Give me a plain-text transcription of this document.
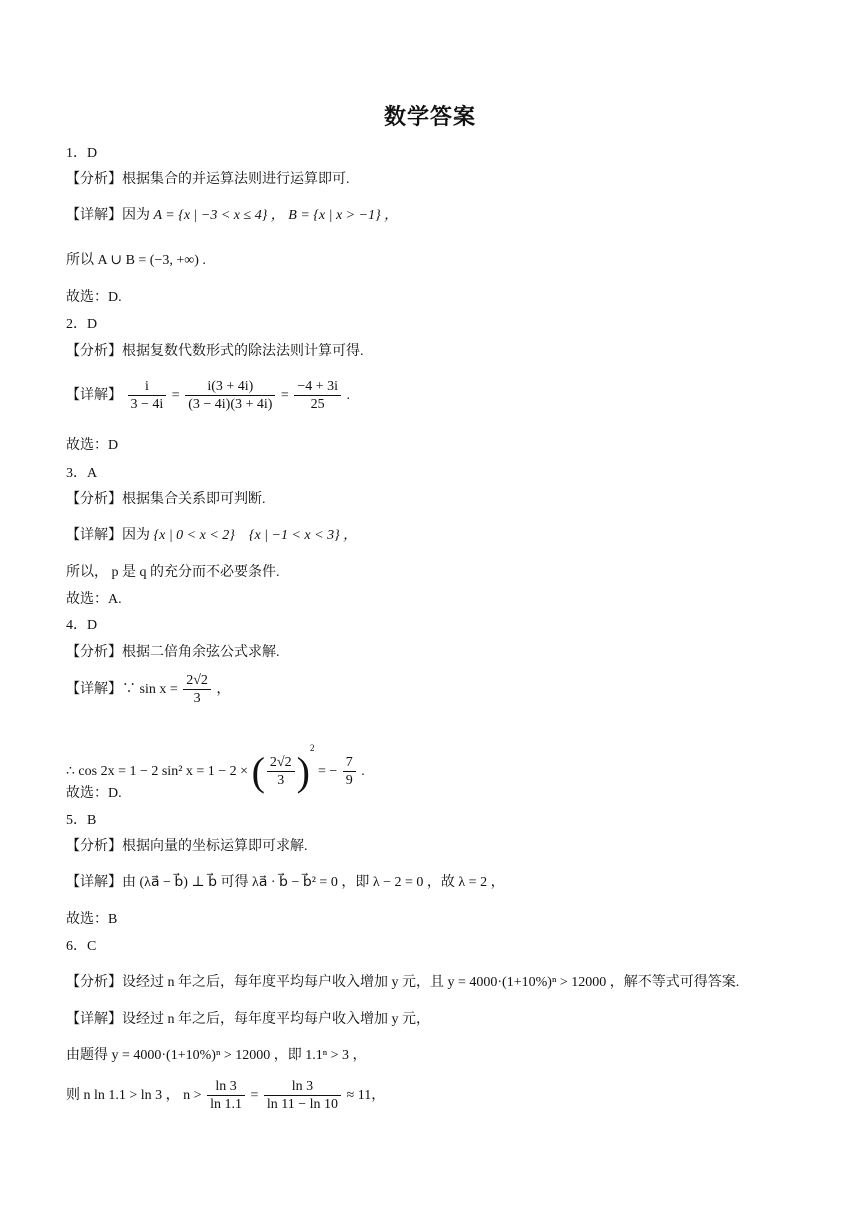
数学答案
1．D
【分析】根据集合的并运算法则进行运算即可.
【详解】因为 A = {x | −3 < x ≤ 4} ， B = {x | x > −1} ，
所以 A ∪ B = (−3, +∞) .
故选：D.
2．D
【分析】根据复数代数形式的除法法则计算可得.
【详解】 $\frac{i}{3 - 4i} = \frac{i(3 + 4i)}{(3 - 4i)(3 + 4i)} = \frac{-4 + 3i}{25}$ .
故选：D
3．A
【分析】根据集合关系即可判断.
【详解】因为 {x | 0 < x < 2}    {x | −1 < x < 3} ，
所以， p 是 q 的充分而不必要条件.
故选：A.
4．D
【分析】根据二倍角余弦公式求解.
【详解】∵ $\sin x = \frac{2√2}{3}$ ，
∴ cos 2x = 1 − 2 sin² x = 1 − 2 × ( $\frac{2√2}{3} )^2$ = − $\frac{7}{9}$ .
故选：D.
5．B
【分析】根据向量的坐标运算即可求解.
【详解】由 (λa⃗ − b⃗) ⊥ b⃗ 可得 λa⃗ · b⃗ − b⃗² = 0 ，即 λ − 2 = 0 ，故 λ = 2 ，
故选：B
6．C
【分析】设经过 n 年之后，每年度平均每户收入增加 y 元，且 y = 4000·(1+10%)ⁿ > 12000 ，解不等式可得答案.
【详解】设经过 n 年之后，每年度平均每户收入增加 y 元，
由题得 y = 4000·(1+10%)ⁿ > 12000 ，即 1.1ⁿ > 3 ，
则 n ln 1.1 > ln 3 ， $n > \frac{\ln 3}{\ln 1.1} = \frac{\ln 3}{\ln 11 - \ln 10} \approx 11$，
